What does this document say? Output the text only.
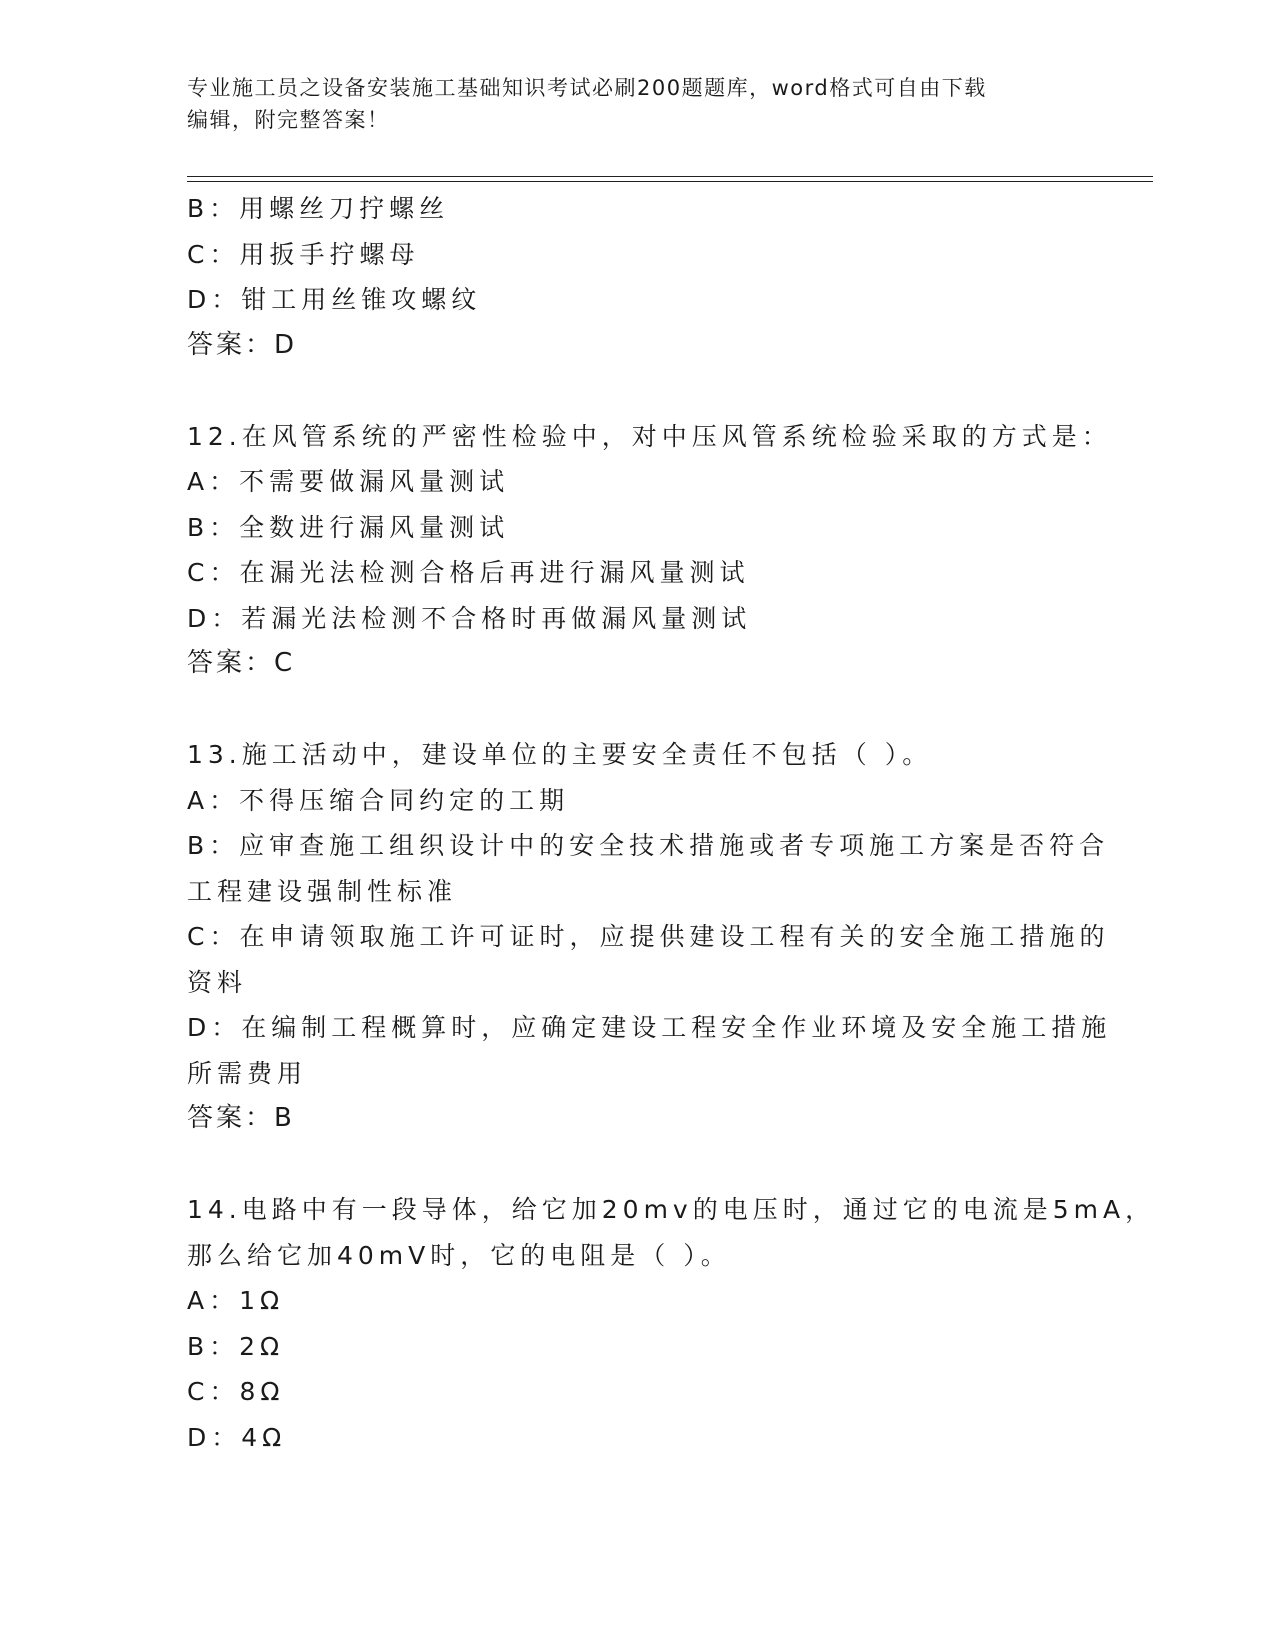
专业施工员之设备安装施工基础知识考试必刷200题题库，word格式可自由下载
编辑，附完整答案！
B：用螺丝刀拧螺丝
C：用扳手拧螺母
D：钳工用丝锥攻螺纹
答案：D
12.在风管系统的严密性检验中，对中压风管系统检验采取的方式是：
A：不需要做漏风量测试
B：全数进行漏风量测试
C：在漏光法检测合格后再进行漏风量测试
D：若漏光法检测不合格时再做漏风量测试
答案：C
13.施工活动中，建设单位的主要安全责任不包括（ ）。
A：不得压缩合同约定的工期
B：应审查施工组织设计中的安全技术措施或者专项施工方案是否符合
工程建设强制性标准
C：在申请领取施工许可证时，应提供建设工程有关的安全施工措施的
资料
D：在编制工程概算时，应确定建设工程安全作业环境及安全施工措施
所需费用
答案：B
14.电路中有一段导体，给它加20mv的电压时，通过它的电流是5mA，
那么给它加40mV时，它的电阻是（ ）。
A：1Ω
B：2Ω
C：8Ω
D：4Ω
